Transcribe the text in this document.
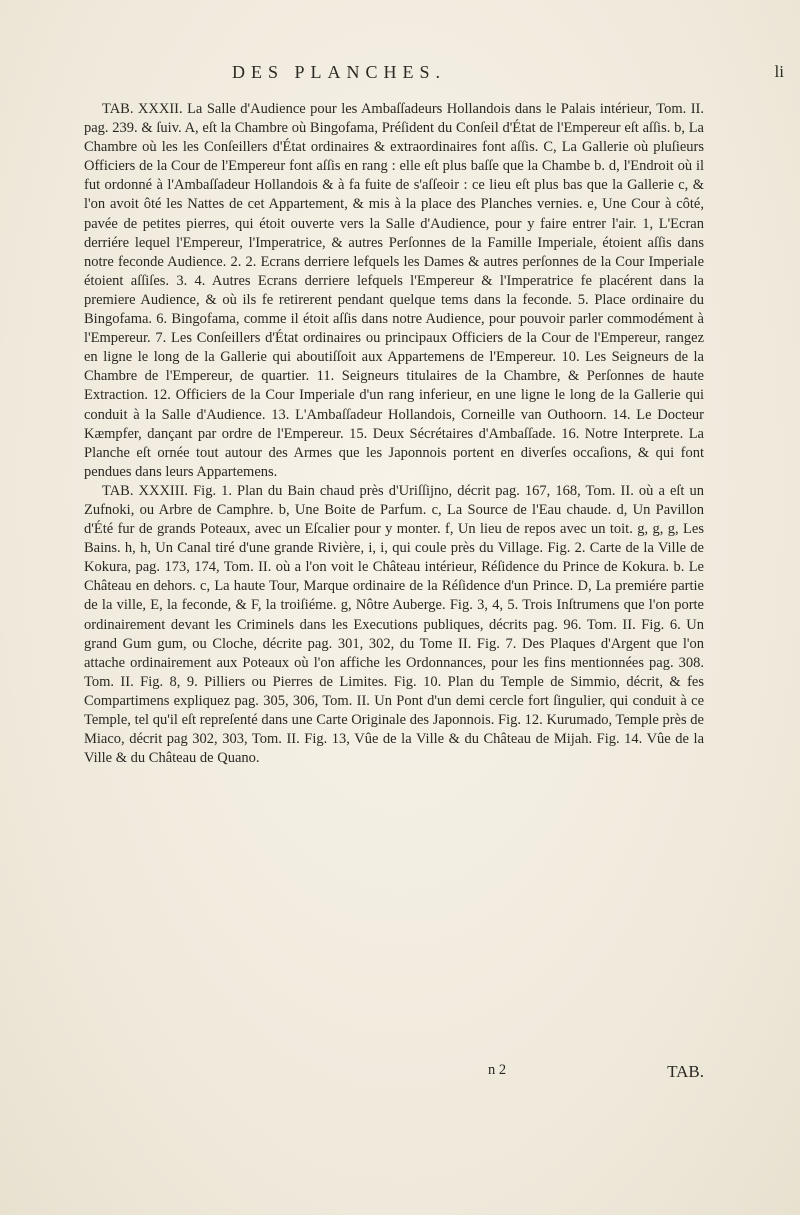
DES PLANCHES.	li

TAB. XXXII. La Salle d'Audience pour les Ambaſſadeurs Hollandois dans le Palais intérieur, Tom. II. pag. 239. & ſuiv. A, eſt la Chambre où Bingofama, Préſident du Conſeil d'État de l'Empereur eſt aſſis. b, La Chambre où les les Conſeillers d'État ordinaires & extraordinaires font aſſis. C, La Gallerie où pluſieurs Officiers de la Cour de l'Empereur font aſſis en rang : elle eſt plus baſſe que la Chambe b. d, l'Endroit où il fut ordonné à l'Ambaſſadeur Hollandois & à fa fuite de s'aſſeoir : ce lieu eſt plus bas que la Gallerie c, & l'on avoit ôté les Nattes de cet Appartement, & mis à la place des Planches vernies. e, Une Cour à côté, pavée de petites pierres, qui étoit ouverte vers la Salle d'Audience, pour y faire entrer l'air. 1, L'Ecran derriére lequel l'Empereur, l'Imperatrice, & autres Perſonnes de la Famille Imperiale, étoient aſſis dans notre feconde Audience. 2. 2. Ecrans derriere lefquels les Dames & autres perſonnes de la Cour Imperiale étoient aſſiſes. 3. 4. Autres Ecrans derriere lefquels l'Empereur & l'Imperatrice fe placérent dans la premiere Audience, & où ils fe retirerent pendant quelque tems dans la feconde. 5. Place ordinaire du Bingofama. 6. Bingofama, comme il étoit aſſis dans notre Audience, pour pouvoir parler commodément à l'Empereur. 7. Les Conſeillers d'État ordinaires ou principaux Officiers de la Cour de l'Empereur, rangez en ligne le long de la Gallerie qui aboutiſſoit aux Appartemens de l'Empereur. 10. Les Seigneurs de la Chambre de l'Empereur, de quartier. 11. Seigneurs titulaires de la Chambre, & Perſonnes de haute Extraction. 12. Officiers de la Cour Imperiale d'un rang inferieur, en une ligne le long de la Gallerie qui conduit à la Salle d'Audience. 13. L'Ambaſſadeur Hollandois, Corneille van Outhoorn. 14. Le Docteur Kæmpfer, dançant par ordre de l'Empereur. 15. Deux Sécrétaires d'Ambaſſade. 16. Notre Interprete. La Planche eſt ornée tout autour des Armes que les Japonnois portent en diverſes occaſions, & qui font pendues dans leurs Appartemens.

TAB. XXXIII. Fig. 1. Plan du Bain chaud près d'Uriſſijno, décrit pag. 167, 168, Tom. II. où a eſt un Zufnoki, ou Arbre de Camphre. b, Une Boite de Parfum. c, La Source de l'Eau chaude. d, Un Pavillon d'Été fur de grands Poteaux, avec un Eſcalier pour y monter. f, Un lieu de repos avec un toit. g, g, g, Les Bains. h, h, Un Canal tiré d'une grande Rivière, i, i, qui coule près du Village. Fig. 2. Carte de la Ville de Kokura, pag. 173, 174, Tom. II. où a l'on voit le Château intérieur, Réſidence du Prince de Kokura. b. Le Château en dehors. c, La haute Tour, Marque ordinaire de la Réſidence d'un Prince. D, La premiére partie de la ville, E, la feconde, & F, la troiſiéme. g, Nôtre Auberge. Fig. 3, 4, 5. Trois Inſtrumens que l'on porte ordinairement devant les Criminels dans les Executions publiques, décrits pag. 96. Tom. II. Fig. 6. Un grand Gum gum, ou Cloche, décrite pag. 301, 302, du Tome II. Fig. 7. Des Plaques d'Argent que l'on attache ordinairement aux Poteaux où l'on affiche les Ordonnances, pour les fins mentionnées pag. 308. Tom. II. Fig. 8, 9. Pilliers ou Pierres de Limites. Fig. 10. Plan du Temple de Simmio, décrit, & fes Compartimens expliquez pag. 305, 306, Tom. II. Un Pont d'un demi cercle fort ſingulier, qui conduit à ce Temple, tel qu'il eſt repreſenté dans une Carte Originale des Japonnois. Fig. 12. Kurumado, Temple près de Miaco, décrit pag 302, 303, Tom. II. Fig. 13, Vûe de la Ville & du Château de Mijah. Fig. 14. Vûe de la Ville & du Château de Quano.

n 2	TAB.
